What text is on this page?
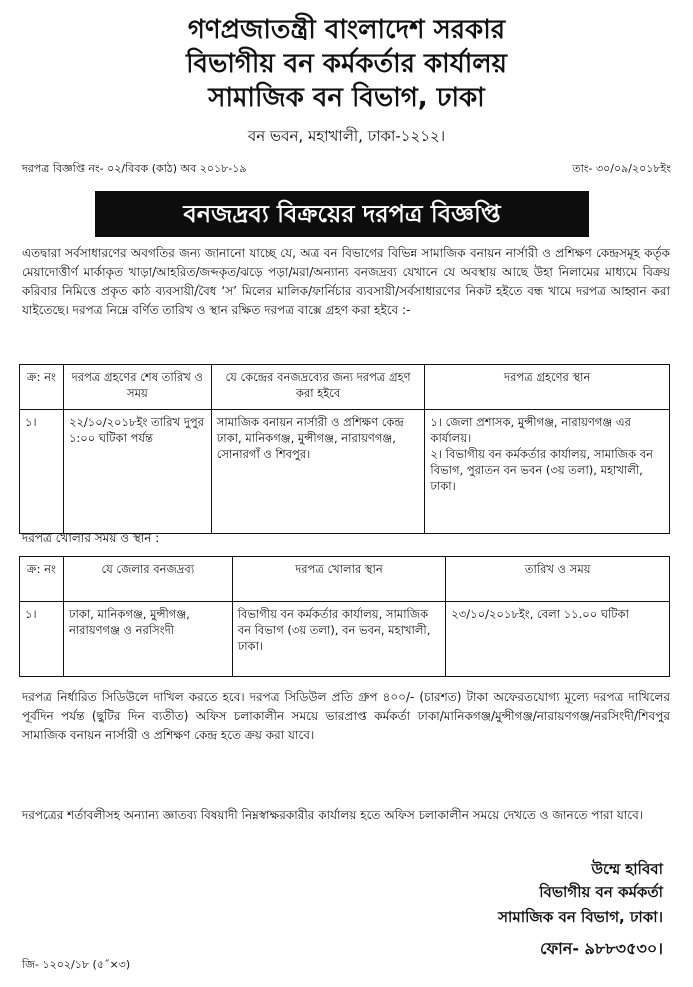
গণপ্রজাতন্ত্রী বাংলাদেশ সরকার
বিভাগীয় বন কর্মকর্তার কার্যালয়
সামাজিক বন বিভাগ, ঢাকা
বন ভবন, মহাখালী, ঢাকা-১২১২।
দরপত্র বিজ্ঞপ্তি নং- ০২/বিবক (কাঠ) অব ২০১৮-১৯	তাং- ৩০/০৯/২০১৮ইং
বনজদ্রব্য বিক্রয়ের দরপত্র বিজ্ঞপ্তি

এতদ্বারা সর্বসাধারণের অবগতির জন্য জানানো যাচ্ছে যে, অত্র বন বিভাগের বিভিন্ন সামাজিক বনায়ন নার্সারী ও প্রশিক্ষণ কেন্দ্রসমূহ কর্তৃক মেয়াদোত্তীর্ণ মার্কাকৃত খাড়া/আহরিত/জব্দকৃত/ঝড়ে পড়া/মরা/অন্যান্য বনজদ্রব্য যেখানে যে অবস্থায় আছে উহা নিলামের মাধ্যমে বিক্রয় করিবার নিমিত্তে প্রকৃত কাঠ ব্যবসায়ী/বৈধ ‘স’ মিলের মালিক/ফার্নিচার ব্যবসায়ী/সর্বসাধারণের নিকট হইতে বন্ধ খামে দরপত্র আহ্বান করা যাইতেছে। দরপত্র নিম্নে বর্ণিত তারিখ ও স্থান রক্ষিত দরপত্র বাক্সে গ্রহণ করা হইবে :-

ক্র: নং	দরপত্র গ্রহণের শেষ তারিখ ও সময়	যে কেন্দ্রের বনজদ্রব্যের জন্য দরপত্র গ্রহণ করা হইবে	দরপত্র গ্রহণের স্থান
১।	২২/১০/২০১৮ইং তারিখ দুপুর ১:০০ ঘটিকা পর্যন্ত	সামাজিক বনায়ন নার্সারী ও প্রশিক্ষণ কেন্দ্র ঢাকা, মানিকগঞ্জ, মুন্সীগঞ্জ, নারায়ণগঞ্জ, সোনারগাঁ ও শিবপুর।	১। জেলা প্রশাসক, মুন্সীগঞ্জ, নারায়ণগঞ্জ এর কার্যালয়।
২। বিভাগীয় বন কর্মকর্তার কার্যালয়, সামাজিক বন বিভাগ, পুরাতন বন ভবন (৩য় তলা), মহাখালী, ঢাকা।
দরপত্র খোলার সময় ও স্থান :
ক্র: নং	যে জেলার বনজদ্রব্য	দরপত্র খোলার স্থান	তারিখ ও সময়
১।	ঢাকা, মানিকগঞ্জ, মুন্সীগঞ্জ, নারায়ণগঞ্জ ও নরসিংদী	বিভাগীয় বন কর্মকর্তার কার্যালয়, সামাজিক বন বিভাগ (৩য় তলা), বন ভবন, মহাখালী, ঢাকা।	২৩/১০/২০১৮ইং, বেলা ১১.০০ ঘটিকা

দরপত্র নির্ধারিত সিডিউলে দাখিল করতে হবে। দরপত্র সিডিউল প্রতি গ্রুপ ৪০০/- (চারশত) টাকা অফেরতযোগ্য মূল্যে দরপত্র দাখিলের পূর্বদিন পর্যন্ত (ছুটির দিন ব্যতীত) অফিস চলাকালীন সময়ে ভারপ্রাপ্ত কর্মকর্তা ঢাকা/মানিকগঞ্জ/মুন্সীগঞ্জ/নারায়ণগঞ্জ/নরসিংদী/শিবপুর সামাজিক বনায়ন নার্সারী ও প্রশিক্ষণ কেন্দ্র হতে ক্রয় করা যাবে।

দরপত্রের শর্তাবলীসহ অন্যান্য জ্ঞাতব্য বিষয়াদী নিম্নস্বাক্ষরকারীর কার্যালয় হতে অফিস চলাকালীন সময়ে দেখতে ও জানতে পারা যাবে।

উম্মে হাবিবা
বিভাগীয় বন কর্মকর্তা
সামাজিক বন বিভাগ, ঢাকা।
ফোন- ৯৮৮৩৫৩০।
জি- ১২০২/১৮ (৫˝×৩)
